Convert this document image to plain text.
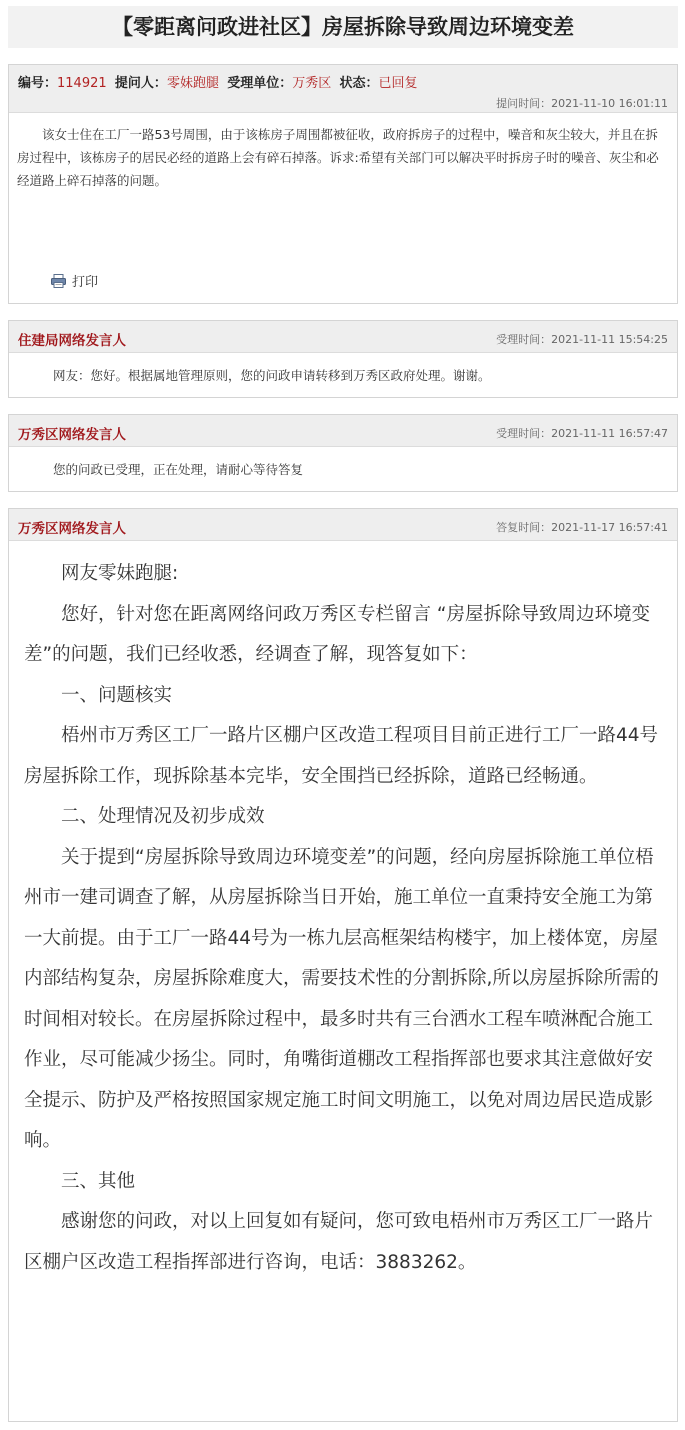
【零距离问政进社区】房屋拆除导致周边环境变差
编号：114921 提问人：零妹跑腿 受理单位：万秀区 状态：已回复
提问时间：2021-11-10 16:01:11
该女士住在工厂一路53号周围，由于该栋房子周围都被征收，政府拆房子的过程中，噪音和灰尘较大，并且在拆房过程中，该栋房子的居民必经的道路上会有碎石掉落。诉求:希望有关部门可以解决平时拆房子时的噪音、灰尘和必经道路上碎石掉落的问题。
打印
住建局网络发言人	受理时间：2021-11-11 15:54:25
网友：您好。根据属地管理原则，您的问政申请转移到万秀区政府处理。谢谢。
万秀区网络发言人	受理时间：2021-11-11 16:57:47
您的问政已受理，正在处理，请耐心等待答复
万秀区网络发言人	答复时间：2021-11-17 16:57:41

网友零妹跑腿:

您好，针对您在距离网络问政万秀区专栏留言 “房屋拆除导致周边环境变差”的问题，我们已经收悉，经调查了解，现答复如下：

一、问题核实

梧州市万秀区工厂一路片区棚户区改造工程项目目前正进行工厂一路44号房屋拆除工作，现拆除基本完毕，安全围挡已经拆除，道路已经畅通。

二、处理情况及初步成效

关于提到“房屋拆除导致周边环境变差”的问题，经向房屋拆除施工单位梧州市一建司调查了解，从房屋拆除当日开始，施工单位一直秉持安全施工为第一大前提。由于工厂一路44号为一栋九层高框架结构楼宇，加上楼体宽，房屋内部结构复杂，房屋拆除难度大，需要技术性的分割拆除,所以房屋拆除所需的时间相对较长。在房屋拆除过程中，最多时共有三台洒水工程车喷淋配合施工作业，尽可能减少扬尘。同时，角嘴街道棚改工程指挥部也要求其注意做好安全提示、防护及严格按照国家规定施工时间文明施工，以免对周边居民造成影响。

三、其他

感谢您的问政，对以上回复如有疑问，您可致电梧州市万秀区工厂一路片区棚户区改造工程指挥部进行咨询，电话：3883262。
